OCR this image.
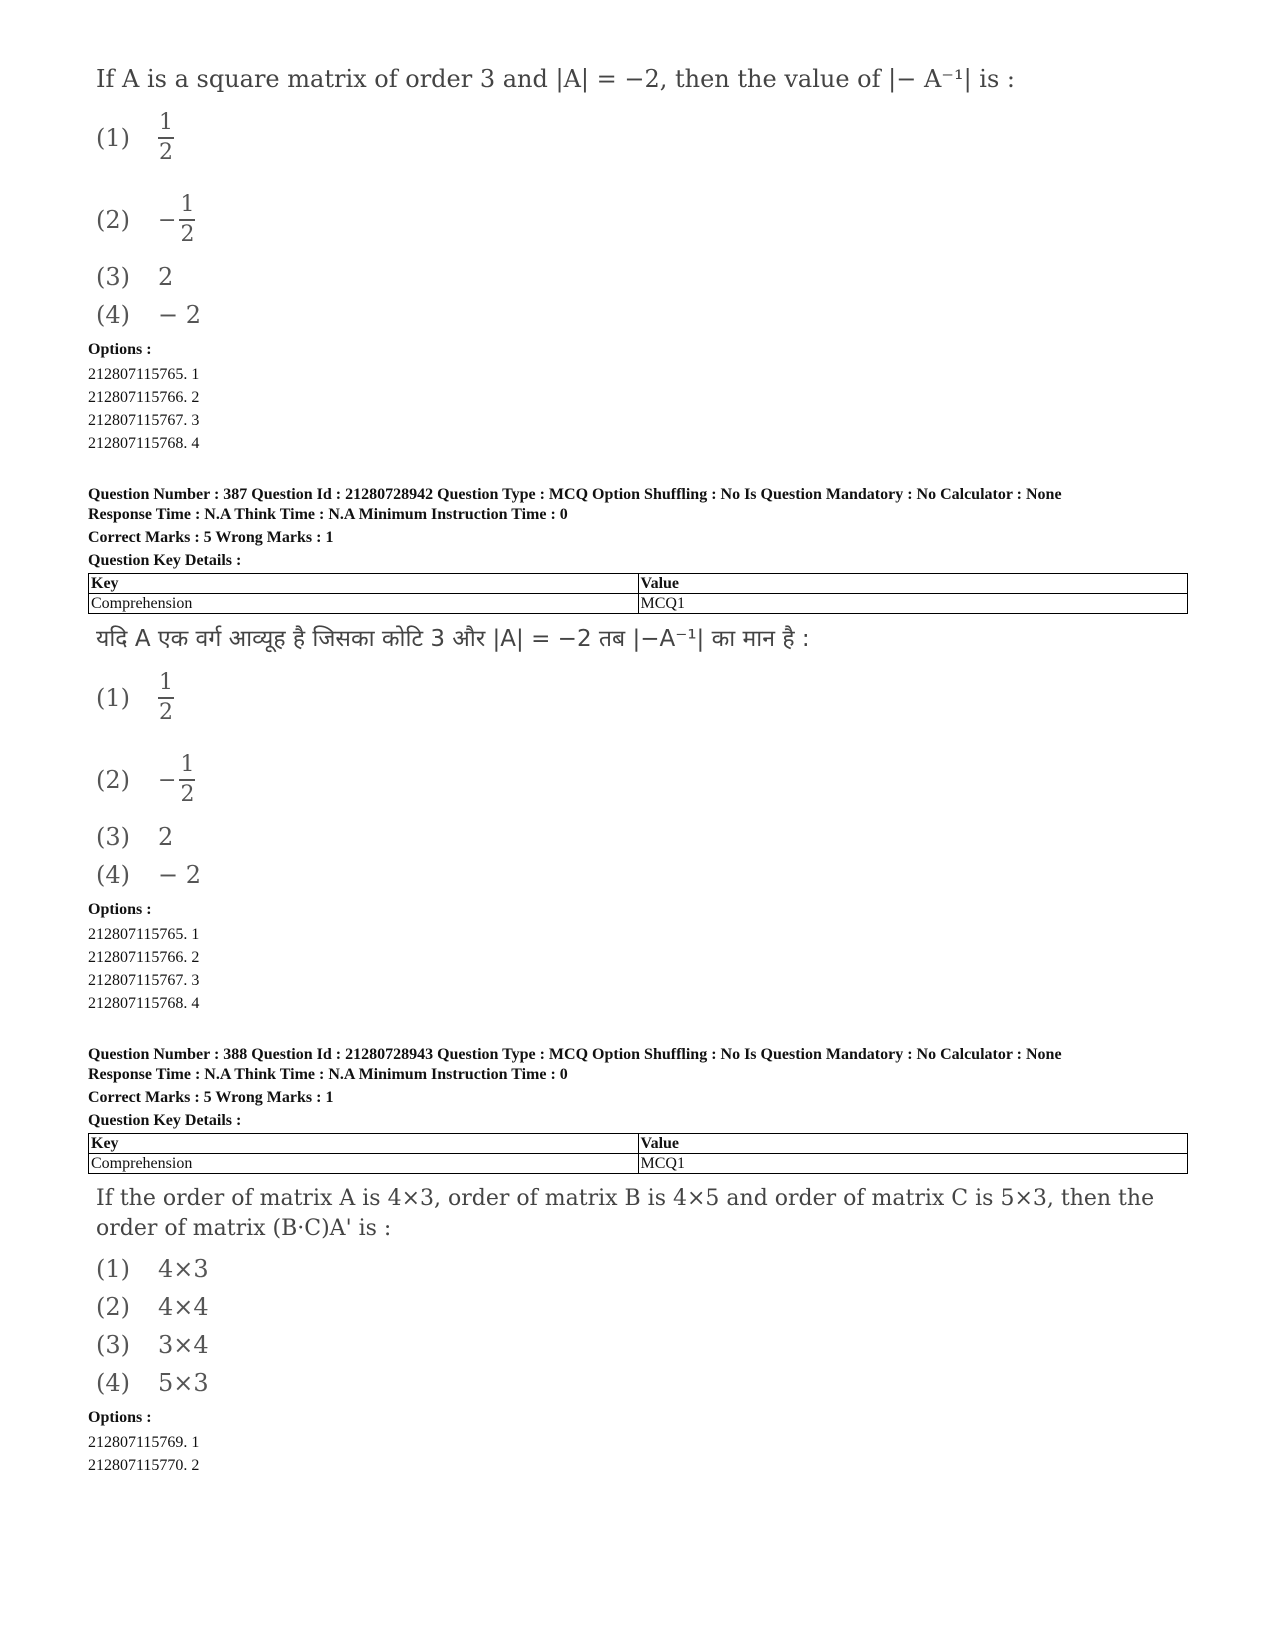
If A is a square matrix of order 3 and |A| = −2, then the value of |− A⁻¹| is :

(1)	$\frac{1}{2}$
(2)	− $\frac{1}{2}$
(3)	2
(4)	− 2
Options :
212807115765. 1
212807115766. 2
212807115767. 3
212807115768. 4
Question Number : 387 Question Id : 21280728942 Question Type : MCQ Option Shuffling : No Is Question Mandatory : No Calculator : None
Response Time : N.A Think Time : N.A Minimum Instruction Time : 0
Correct Marks : 5 Wrong Marks : 1
Question Key Details :
Key	Value
Comprehension	MCQ1

यदि A एक वर्ग आव्यूह है जिसका कोटि 3 और |A| = −2 तब |−A⁻¹| का मान है :

(1)	$\frac{1}{2}$
(2)	− $\frac{1}{2}$
(3)	2
(4)	− 2
Options :
212807115765. 1
212807115766. 2
212807115767. 3
212807115768. 4
Question Number : 388 Question Id : 21280728943 Question Type : MCQ Option Shuffling : No Is Question Mandatory : No Calculator : None
Response Time : N.A Think Time : N.A Minimum Instruction Time : 0
Correct Marks : 5 Wrong Marks : 1
Question Key Details :
Key	Value
Comprehension	MCQ1

If the order of matrix A is 4×3, order of matrix B is 4×5 and order of matrix C is 5×3, then the

order of matrix (B·C)A' is :

(1)	4×3
(2)	4×4
(3)	3×4
(4)	5×3
Options :
212807115769. 1
212807115770. 2
